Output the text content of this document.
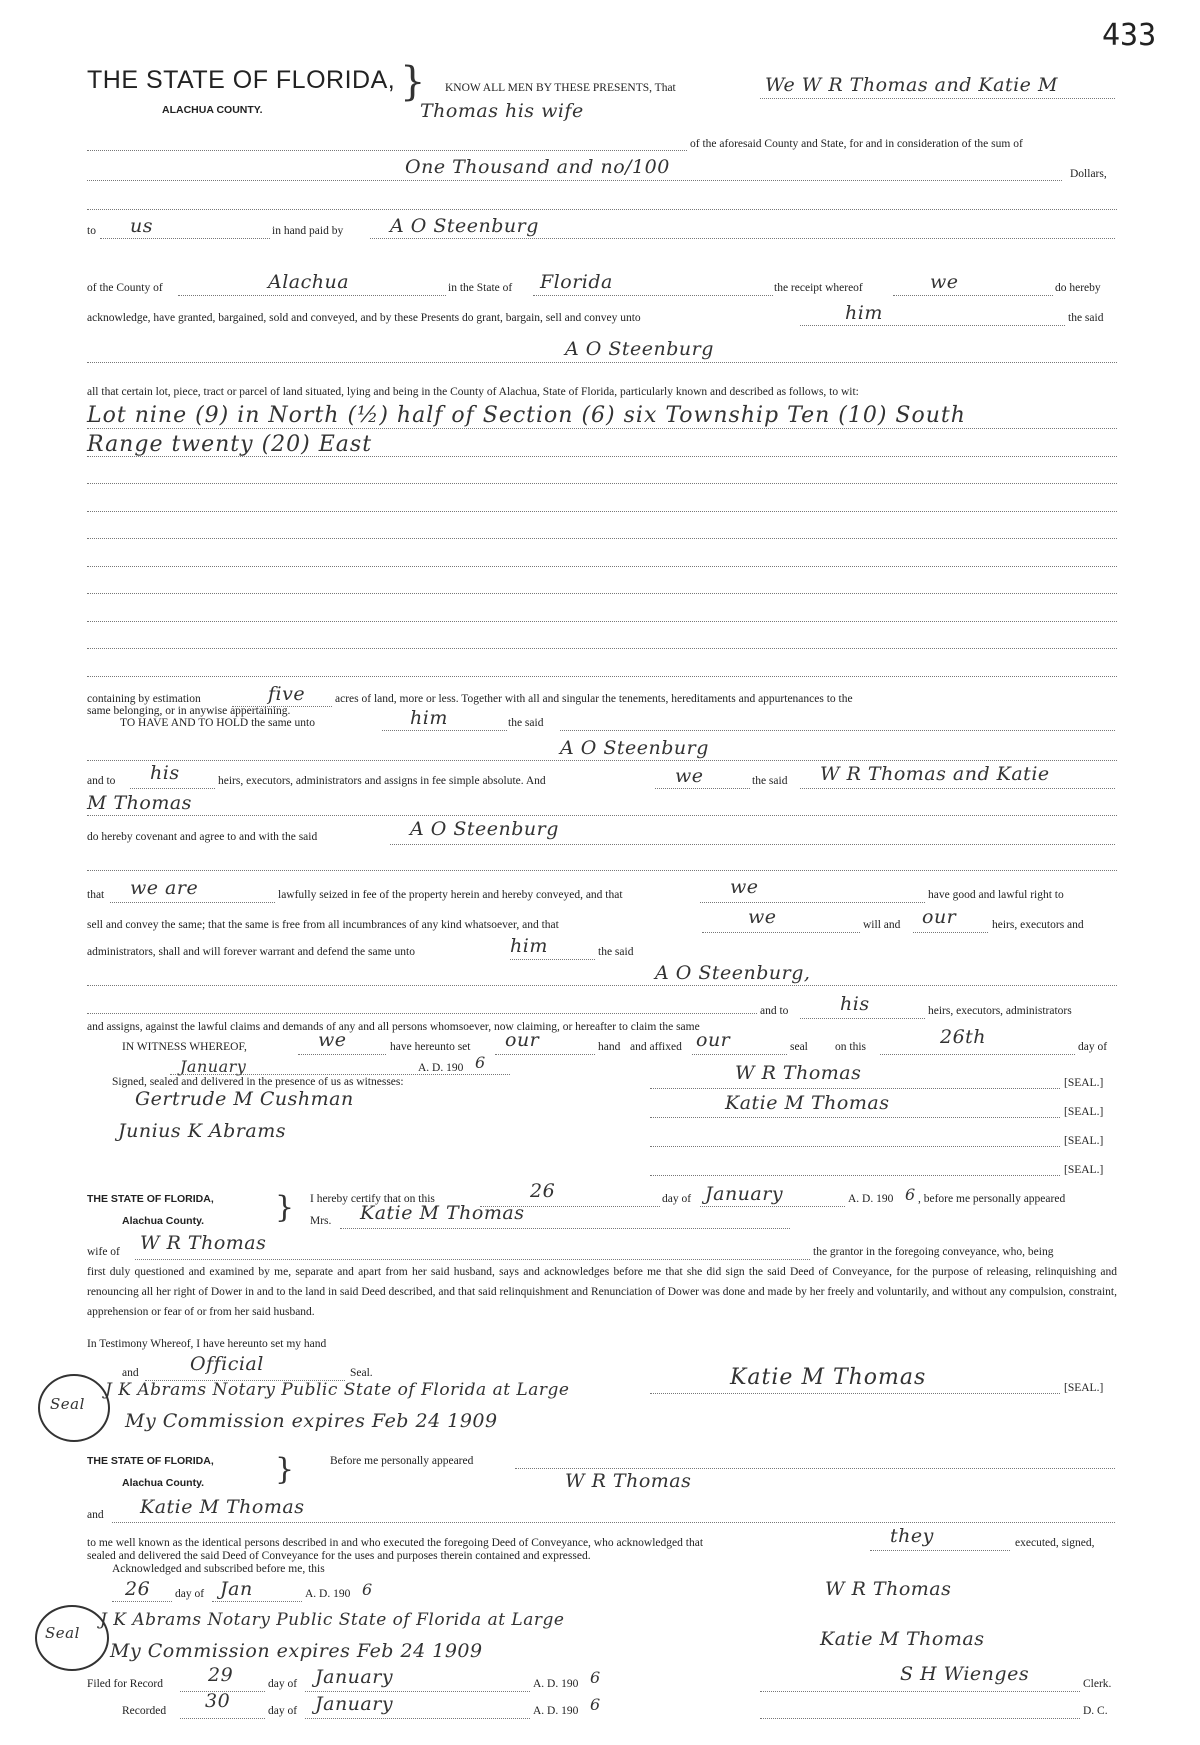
433
THE STATE OF FLORIDA,
ALACHUA COUNTY.
} KNOW ALL MEN BY THESE PRESENTS, That	We W R Thomas and Katie M
Thomas his wife
of the aforesaid County and State, for and in consideration of the sum of
One Thousand and no/100	Dollars,
to us	in hand paid by A O Steenburg
of the County of	Alachua	in the State of Florida	the receipt whereof	we	do hereby
acknowledge, have granted, bargained, sold and conveyed, and by these Presents do grant, bargain, sell and convey unto	him	the said
A O Steenburg
all that certain lot, piece, tract or parcel of land situated, lying and being in the County of Alachua, State of Florida, particularly known and described as follows, to wit:
Lot nine (9) in North (½) half of Section (6) six Township Ten (10) South
Range twenty (20) East
containing by estimation	five	acres of land, more or less. Together with all and singular the tenements, hereditaments and appurtenances to the
same belonging, or in anywise appertaining.
TO HAVE AND TO HOLD the same unto	him	the said
A O Steenburg
and to his	heirs, executors, administrators and assigns in fee simple absolute. And	we	the said W R Thomas and Katie
M Thomas
do hereby covenant and agree to and with the said	A O Steenburg
that we are	lawfully seized in fee of the property herein and hereby conveyed, and that	we	have good and lawful right to
sell and convey the same; that the same is free from all incumbrances of any kind whatsoever, and that	we	will and our	heirs, executors and
administrators, shall and will forever warrant and defend the same unto	him	the said
A O Steenburg,
and to	his	heirs, executors, administrators
and assigns, against the lawful claims and demands of any and all persons whomsoever, now claiming, or hereafter to claim the same
IN WITNESS WHEREOF,	we	have hereunto set our	hand and affixed our	seal on this	26th	day of
January	A. D. 190 6
Signed, sealed and delivered in the presence of us as witnesses:
Gertrude M Cushman
Junius K Abrams
W R Thomas	[SEAL.]
Katie M Thomas	[SEAL.]
[SEAL.]
[SEAL.]
THE STATE OF FLORIDA,
Alachua County. } I hereby certify that on this	26	day of January	A. D. 190 6 , before me personally appeared
Mrs. Katie M Thomas
wife of W R Thomas	the grantor in the foregoing conveyance, who, being
first duly questioned and examined by me, separate and apart from her said husband, says and acknowledges before me that she did sign the said Deed of Conveyance, for the purpose of releasing, relinquishing and renouncing all her right of Dower in and to the land in said Deed described, and that said relinquishment and Renunciation of Dower was done and made by her freely and voluntarily, and without any compulsion, constraint, apprehension or fear of or from her said husband.
In Testimony Whereof, I have hereunto set my hand
and	Official	Seal.
Seal
J K Abrams Notary Public State of Florida at Large
My Commission expires Feb 24 1909
Katie M Thomas	[SEAL.]
THE STATE OF FLORIDA,
Alachua County. }	Before me personally appeared
W R Thomas
and Katie M Thomas
to me well known as the identical persons described in and who executed the foregoing Deed of Conveyance, who acknowledged that	they	executed, signed,
sealed and delivered the said Deed of Conveyance for the uses and purposes therein contained and expressed.
Acknowledged and subscribed before me, this
26 day of Jan	A. D. 190 6
Seal
J K Abrams Notary Public State of Florida at Large
My Commission expires Feb 24 1909
W R Thomas
Katie M Thomas
Filed for Record 29	day of January	A. D. 190 6	S H Wienges	Clerk.
Recorded 30	day of January	A. D. 190 6	D. C.
